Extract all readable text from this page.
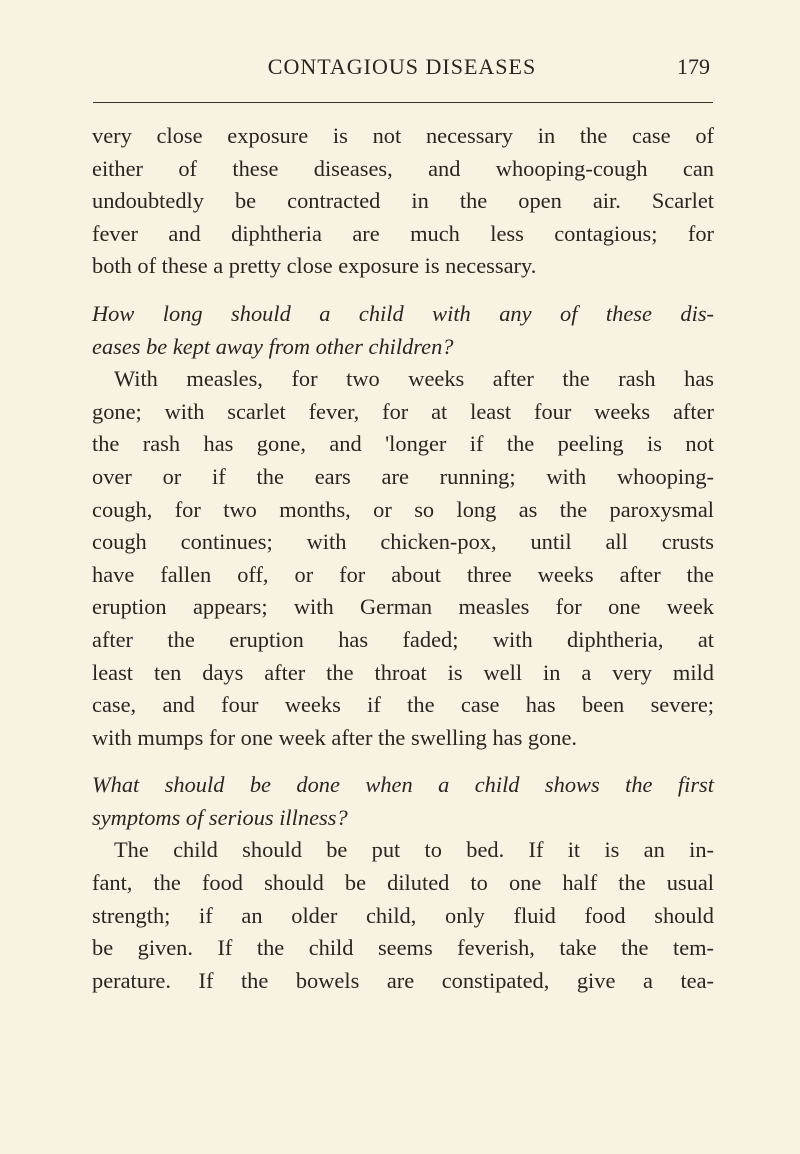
CONTAGIOUS DISEASES	179
very close exposure is not necessary in the case of
either of these diseases, and whooping-cough can
undoubtedly be contracted in the open air. Scarlet
fever and diphtheria are much less contagious; for
both of these a pretty close exposure is necessary.
How long should a child with any of these dis-
eases be kept away from other children?
With measles, for two weeks after the rash has
gone; with scarlet fever, for at least four weeks after
the rash has gone, and 'longer if the peeling is not
over or if the ears are running; with whooping-
cough, for two months, or so long as the paroxysmal
cough continues; with chicken-pox, until all crusts
have fallen off, or for about three weeks after the
eruption appears; with German measles for one week
after the eruption has faded; with diphtheria, at
least ten days after the throat is well in a very mild
case, and four weeks if the case has been severe;
with mumps for one week after the swelling has gone.
What should be done when a child shows the first
symptoms of serious illness?
The child should be put to bed. If it is an in-
fant, the food should be diluted to one half the usual
strength; if an older child, only fluid food should
be given. If the child seems feverish, take the tem-
perature. If the bowels are constipated, give a tea-
